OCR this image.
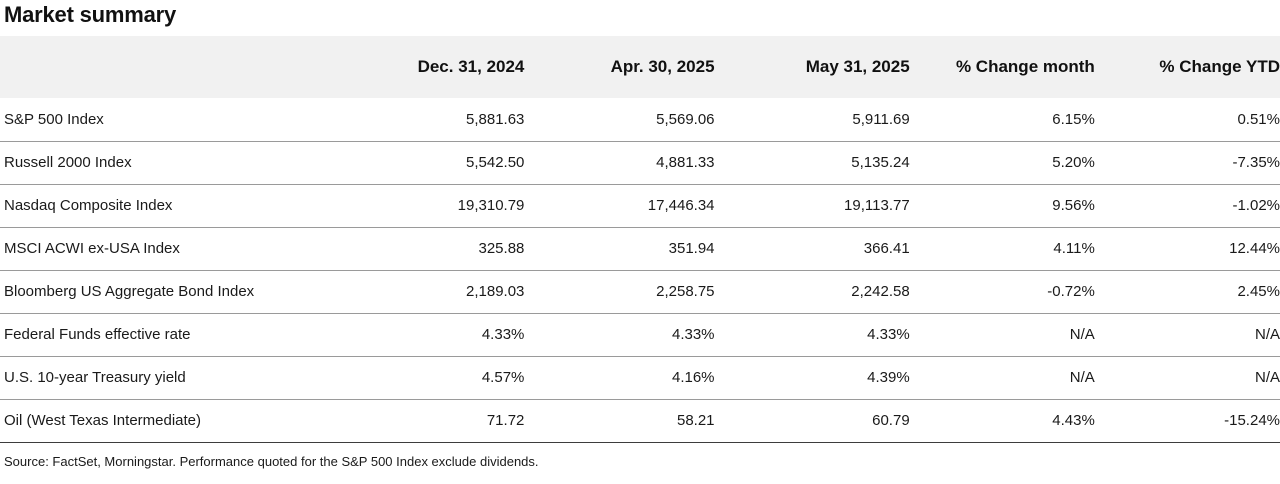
Market summary
	Dec. 31, 2024	Apr. 30, 2025	May 31, 2025	% Change month	% Change YTD
S&P 500 Index	5,881.63	5,569.06	5,911.69	6.15%	0.51%
Russell 2000 Index	5,542.50	4,881.33	5,135.24	5.20%	-7.35%
Nasdaq Composite Index	19,310.79	17,446.34	19,113.77	9.56%	-1.02%
MSCI ACWI ex-USA Index	325.88	351.94	366.41	4.11%	12.44%
Bloomberg US Aggregate Bond Index	2,189.03	2,258.75	2,242.58	-0.72%	2.45%
Federal Funds effective rate	4.33%	4.33%	4.33%	N/A	N/A
U.S. 10-year Treasury yield	4.57%	4.16%	4.39%	N/A	N/A
Oil (West Texas Intermediate)	71.72	58.21	60.79	4.43%	-15.24%
Source: FactSet, Morningstar. Performance quoted for the S&P 500 Index exclude dividends.
